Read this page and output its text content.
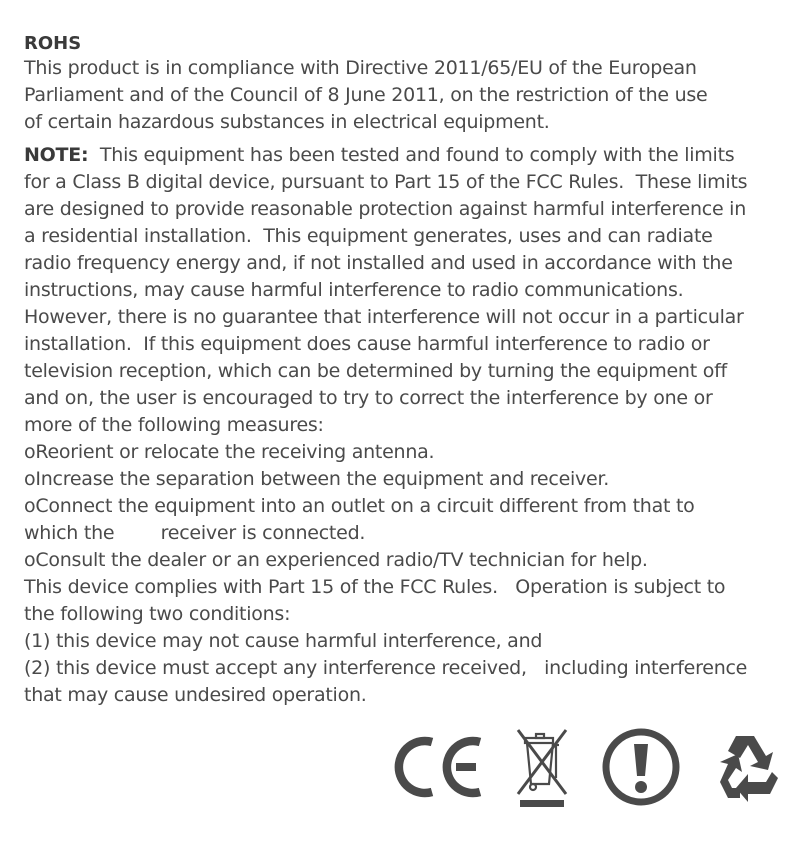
ROHS

This product is in compliance with Directive 2011/65/EU of the European

Parliament and of the Council of 8 June 2011, on the restriction of the use

of certain hazardous substances in electrical equipment.

NOTE:  This equipment has been tested and found to comply with the limits

for a Class B digital device, pursuant to Part 15 of the FCC Rules.  These limits

are designed to provide reasonable protection against harmful interference in

a residential installation.  This equipment generates, uses and can radiate

radio frequency energy and, if not installed and used in accordance with the

instructions, may cause harmful interference to radio communications.

However, there is no guarantee that interference will not occur in a particular

installation.  If this equipment does cause harmful interference to radio or

television reception, which can be determined by turning the equipment off

and on, the user is encouraged to try to correct the interference by one or

more of the following measures:

oReorient or relocate the receiving antenna.

oIncrease the separation between the equipment and receiver.

oConnect the equipment into an outlet on a circuit different from that to

which the        receiver is connected.

oConsult the dealer or an experienced radio/TV technician for help.

This device complies with Part 15 of the FCC Rules.   Operation is subject to

the following two conditions:

(1) this device may not cause harmful interference, and

(2) this device must accept any interference received,   including interference

that may cause undesired operation.
